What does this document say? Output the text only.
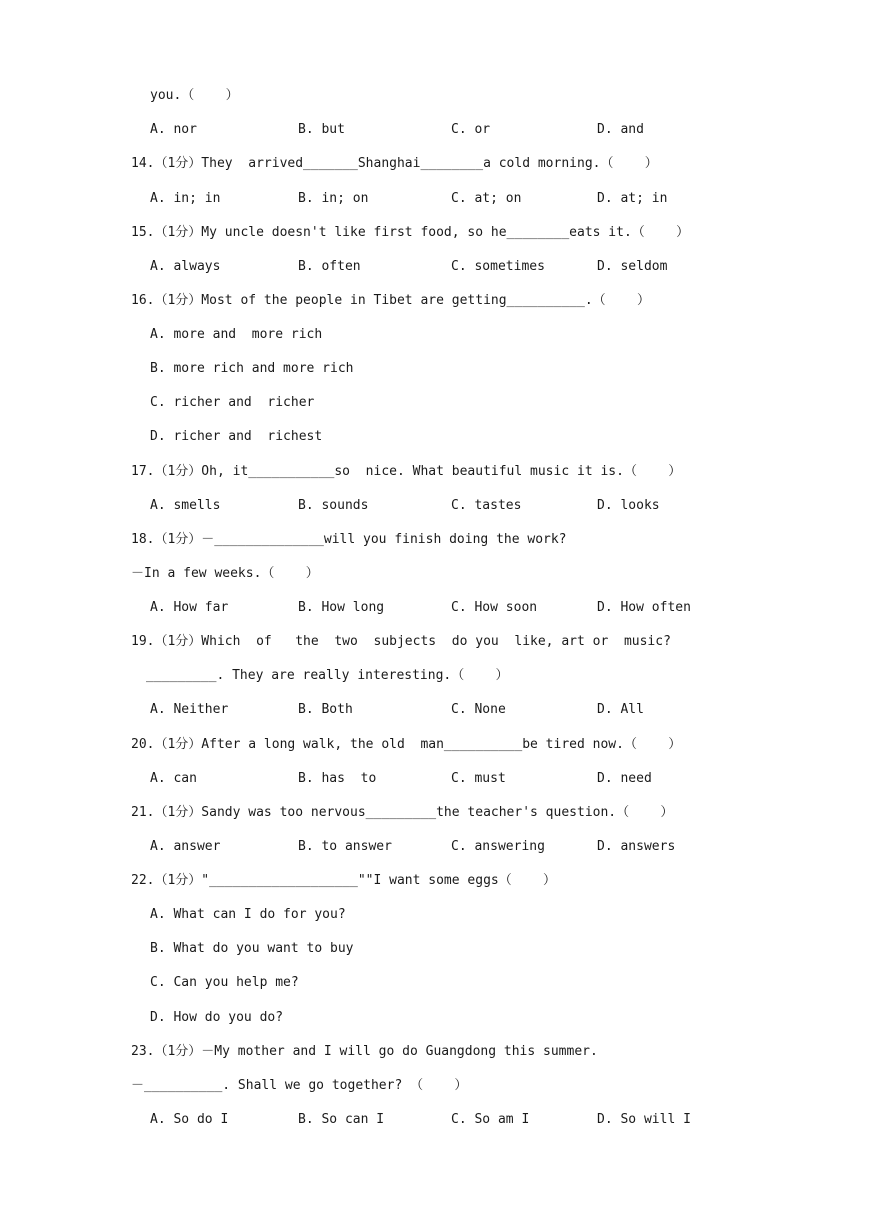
you.（    ）
A. nor	B. but	C. or	D. and
14.（1分）They  arrived_______Shanghai________a cold morning.（    ）
A. in; in	B. in; on	C. at; on	D. at; in
15.（1分）My uncle doesn't like first food, so he________eats it.（    ）
A. always	B. often	C. sometimes	D. seldom
16.（1分）Most of the people in Tibet are getting__________.（    ）
A. more and  more rich
B. more rich and more rich
C. richer and  richer
D. richer and  richest
17.（1分）Oh, it___________so  nice. What beautiful music it is.（    ）
A. smells	B. sounds	C. tastes	D. looks
18.（1分）－______________will you finish doing the work?
－In a few weeks.（    ）
A. How far	B. How long	C. How soon	D. How often
19.（1分）Which  of   the  two  subjects  do you  like, art or  music?
_________. They are really interesting.（    ）
A. Neither	B. Both	C. None	D. All
20.（1分）After a long walk, the old  man__________be tired now.（    ）
A. can	B. has  to	C. must	D. need
21.（1分）Sandy was too nervous_________the teacher's question.（    ）
A. answer	B. to answer	C. answering	D. answers
22.（1分）"___________________""I want some eggs（    ）
A. What can I do for you?
B. What do you want to buy
C. Can you help me?
D. How do you do?
23.（1分）－My mother and I will go do Guangdong this summer.
－__________. Shall we go together? （    ）
A. So do I	B. So can I	C. So am I	D. So will I
